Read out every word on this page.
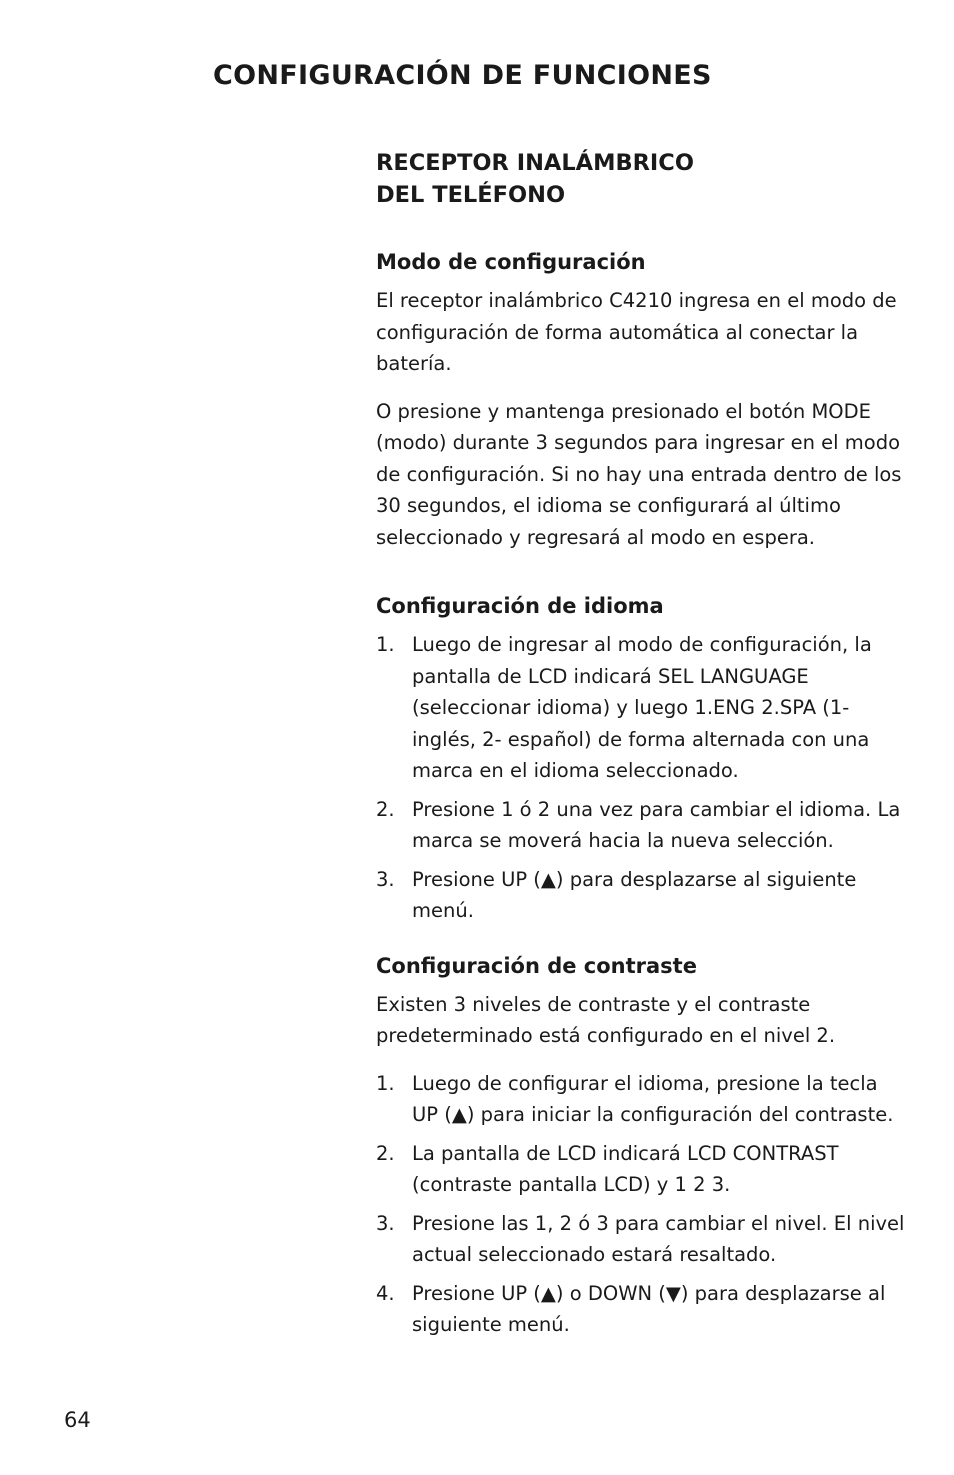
CONFIGURACIÓN DE FUNCIONES
RECEPTOR INALÁMBRICO
DEL TELÉFONO
Modo de configuración

El receptor inalámbrico C4210 ingresa en el modo de configuración de forma automática al conectar la batería.

O presione y mantenga presionado el botón MODE (modo) durante 3 segundos para ingresar en el modo de configuración. Si no hay una entrada dentro de los 30 segundos, el idioma se configurará al último seleccionado y regresará al modo en espera.

Configuración de idioma
1. Luego de ingresar al modo de configuración, la pantalla de LCD indicará SEL LANGUAGE (seleccionar idioma) y luego 1.ENG 2.SPA (1- inglés, 2- español) de forma alternada con una marca en el idioma seleccionado.
2. Presione 1 ó 2 una vez para cambiar el idioma. La marca se moverá hacia la nueva selección.
3. Presione UP (▲) para desplazarse al siguiente menú.
Configuración de contraste

Existen 3 niveles de contraste y el contraste predeterminado está configurado en el nivel 2.

1. Luego de configurar el idioma, presione la tecla UP (▲) para iniciar la configuración del contraste.
2. La pantalla de LCD indicará LCD CONTRAST (contraste pantalla LCD) y 1 2 3.
3. Presione las 1, 2 ó 3 para cambiar el nivel. El nivel actual seleccionado estará resaltado.
4. Presione UP (▲) o DOWN (▼) para desplazarse al siguiente menú.
64
